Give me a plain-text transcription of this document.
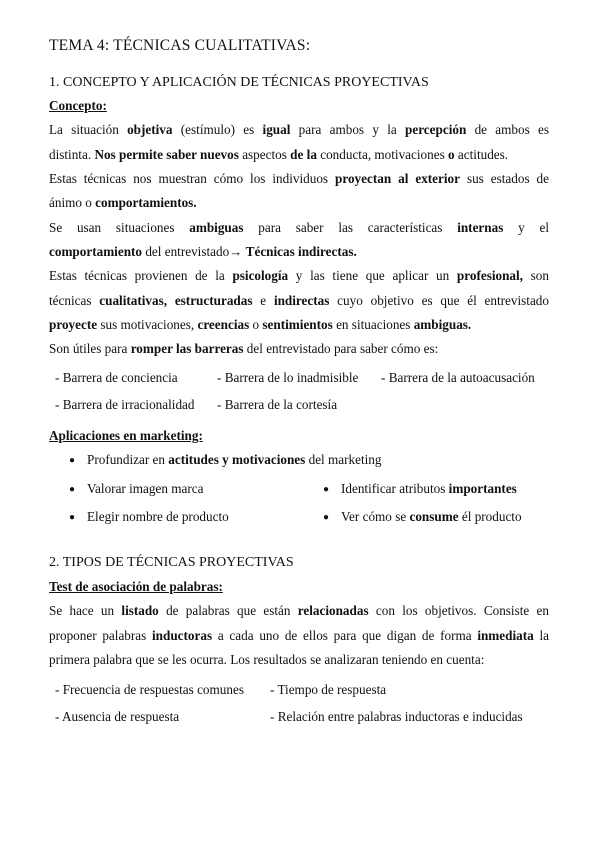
TEMA 4: TÉCNICAS CUALITATIVAS:
1. CONCEPTO Y APLICACIÓN DE TÉCNICAS PROYECTIVAS
Concepto:
La situación objetiva (estímulo) es igual para ambos y la percepción de ambos es
distinta. Nos permite saber nuevos aspectos de la conducta, motivaciones o actitudes.
Estas técnicas nos muestran cómo los individuos proyectan al exterior sus estados de
ánimo o comportamientos.
Se usan situaciones ambiguas para saber las características internas y el
comportamiento del entrevistado→ Técnicas indirectas.
Estas técnicas provienen de la psicología y las tiene que aplicar un profesional, son
técnicas cualitativas, estructuradas e indirectas cuyo objetivo es que él entrevistado
proyecte sus motivaciones, creencias o sentimientos en situaciones ambiguas.
Son útiles para romper las barreras del entrevistado para saber cómo es:
- Barrera de conciencia	- Barrera de lo inadmisible - Barrera de la autoacusación
- Barrera de irracionalidad - Barrera de la cortesía
Aplicaciones en marketing:
● Profundizar en actitudes y motivaciones del marketing
● Valorar imagen marca	● Identificar atributos importantes
● Elegir nombre de producto	● Ver cómo se consume él producto
2. TIPOS DE TÉCNICAS PROYECTIVAS
Test de asociación de palabras:
Se hace un listado de palabras que están relacionadas con los objetivos. Consiste en
proponer palabras inductoras a cada uno de ellos para que digan de forma inmediata la
primera palabra que se les ocurra. Los resultados se analizaran teniendo en cuenta:
- Frecuencia de respuestas comunes - Tiempo de respuesta
- Ausencia de respuesta	- Relación entre palabras inductoras e inducidas
